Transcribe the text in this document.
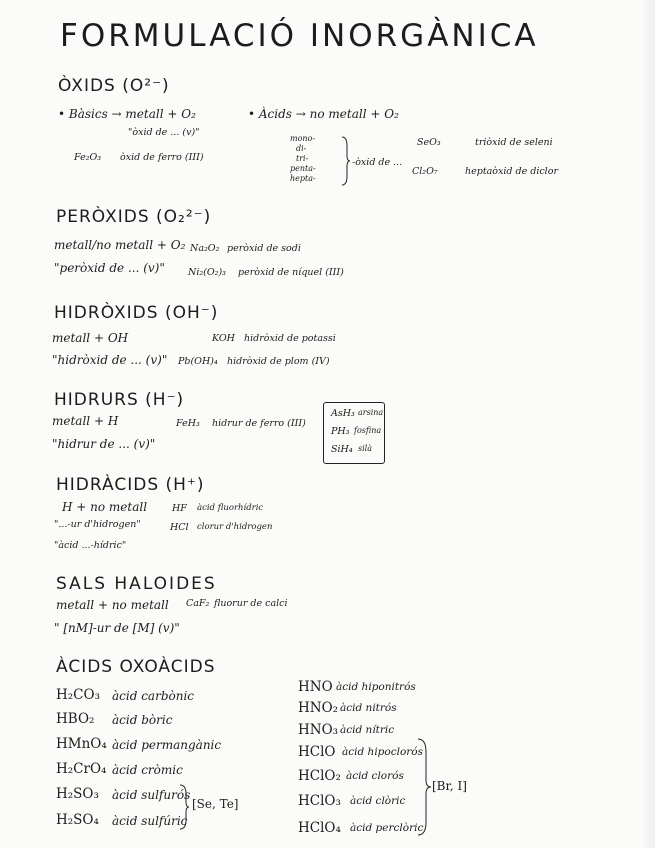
FORMULACIÓ INORGÀNICA
ÒXIDS (O²⁻)
• Bàsics → metall + O₂
"òxid de ... (v)"
Fe₂O₃ òxid de ferro (III)
• Àcids → no metall + O₂
mono-
di-
tri-
penta-
hepta-
-òxid de ...
SeO₃	triòxid de seleni
Cl₂O₇	heptaòxid de diclor
PERÒXIDS (O₂²⁻)
metall/no metall + O₂
"peròxid de ... (v)"
Na₂O₂ peròxid de sodi
Ni₂(O₂)₃ peròxid de níquel (III)
HIDRÒXIDS (OH⁻)
metall + OH
"hidròxid de ... (v)"
KOH hidròxid de potassi
Pb(OH)₄ hidròxid de plom (IV)
HIDRURS (H⁻)
metall + H
"hidrur de ... (v)"
FeH₃ hidrur de ferro (III)
AsH₃ arsina
PH₃ fosfina
SiH₄ silà
HIDRÀCIDS (H⁺)
H + no metall
"...-ur d'hidrogen"
"àcid ...-hídric"
HF àcid fluorhídric
HCl clorur d'hidrogen
SALS HALOIDES
metall + no metall
" [nM]-ur de [M] (v)"
CaF₂ fluorur de calci
ÀCIDS OXOÀCIDS
H₂CO₃ àcid carbònic
HBO₂ àcid bòric
HMnO₄ àcid permangànic
H₂CrO₄ àcid cròmic
H₂SO₃ àcid sulfurós
H₂SO₄ àcid sulfúric
[Se, Te]
HNO àcid hiponitrós
HNO₂ àcid nitrós
HNO₃ àcid nítric
HClO àcid hipoclorós
HClO₂ àcid clorós
HClO₃ àcid clòric
HClO₄ àcid perclòric
[Br, I]
